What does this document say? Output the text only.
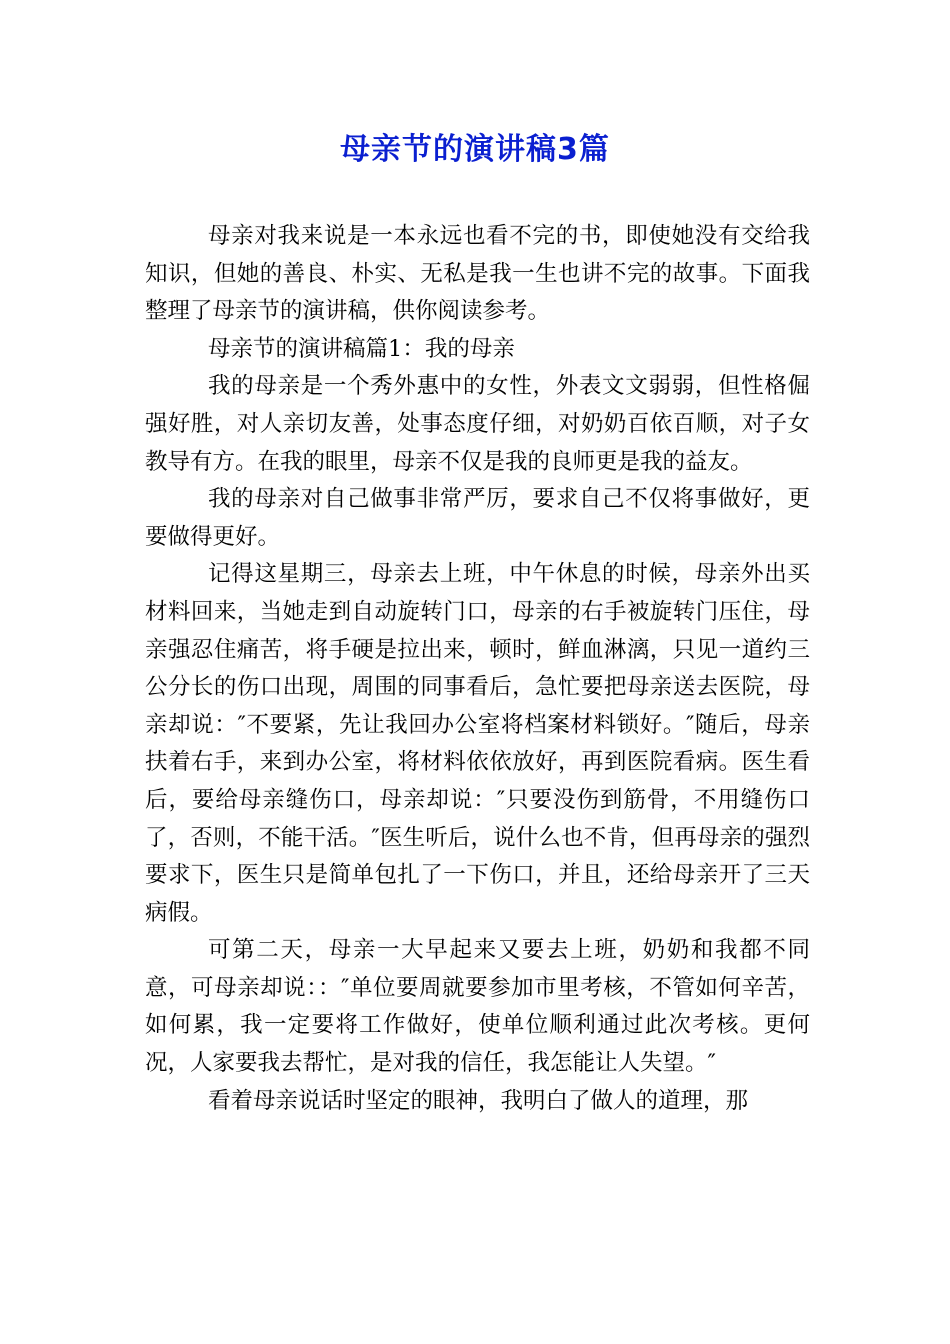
母亲节的演讲稿3篇

母亲对我来说是一本永远也看不完的书，即使她没有交给我知识，但她的善良、朴实、无私是我一生也讲不完的故事。下面我整理了母亲节的演讲稿，供你阅读参考。

母亲节的演讲稿篇1：我的母亲

我的母亲是一个秀外惠中的女性，外表文文弱弱，但性格倔强好胜，对人亲切友善，处事态度仔细，对奶奶百依百顺，对子女教导有方。在我的眼里，母亲不仅是我的良师更是我的益友。

我的母亲对自己做事非常严厉，要求自己不仅将事做好，更要做得更好。

记得这星期三，母亲去上班，中午休息的时候，母亲外出买材料回来，当她走到自动旋转门口，母亲的右手被旋转门压住，母亲强忍住痛苦，将手硬是拉出来，顿时，鲜血淋漓，只见一道约三公分长的伤口出现，周围的同事看后，急忙要把母亲送去医院，母亲却说：″不要紧，先让我回办公室将档案材料锁好。″随后，母亲扶着右手，来到办公室，将材料依依放好，再到医院看病。医生看后，要给母亲缝伤口，母亲却说：″只要没伤到筋骨，不用缝伤口了，否则，不能干活。″医生听后，说什么也不肯，但再母亲的强烈要求下，医生只是简单包扎了一下伤口，并且，还给母亲开了三天病假。

可第二天，母亲一大早起来又要去上班，奶奶和我都不同意，可母亲却说：：″单位要周就要参加市里考核，不管如何辛苦，如何累，我一定要将工作做好，使单位顺利通过此次考核。更何况，人家要我去帮忙，是对我的信任，我怎能让人失望。″

看着母亲说话时坚定的眼神，我明白了做人的道理，那
